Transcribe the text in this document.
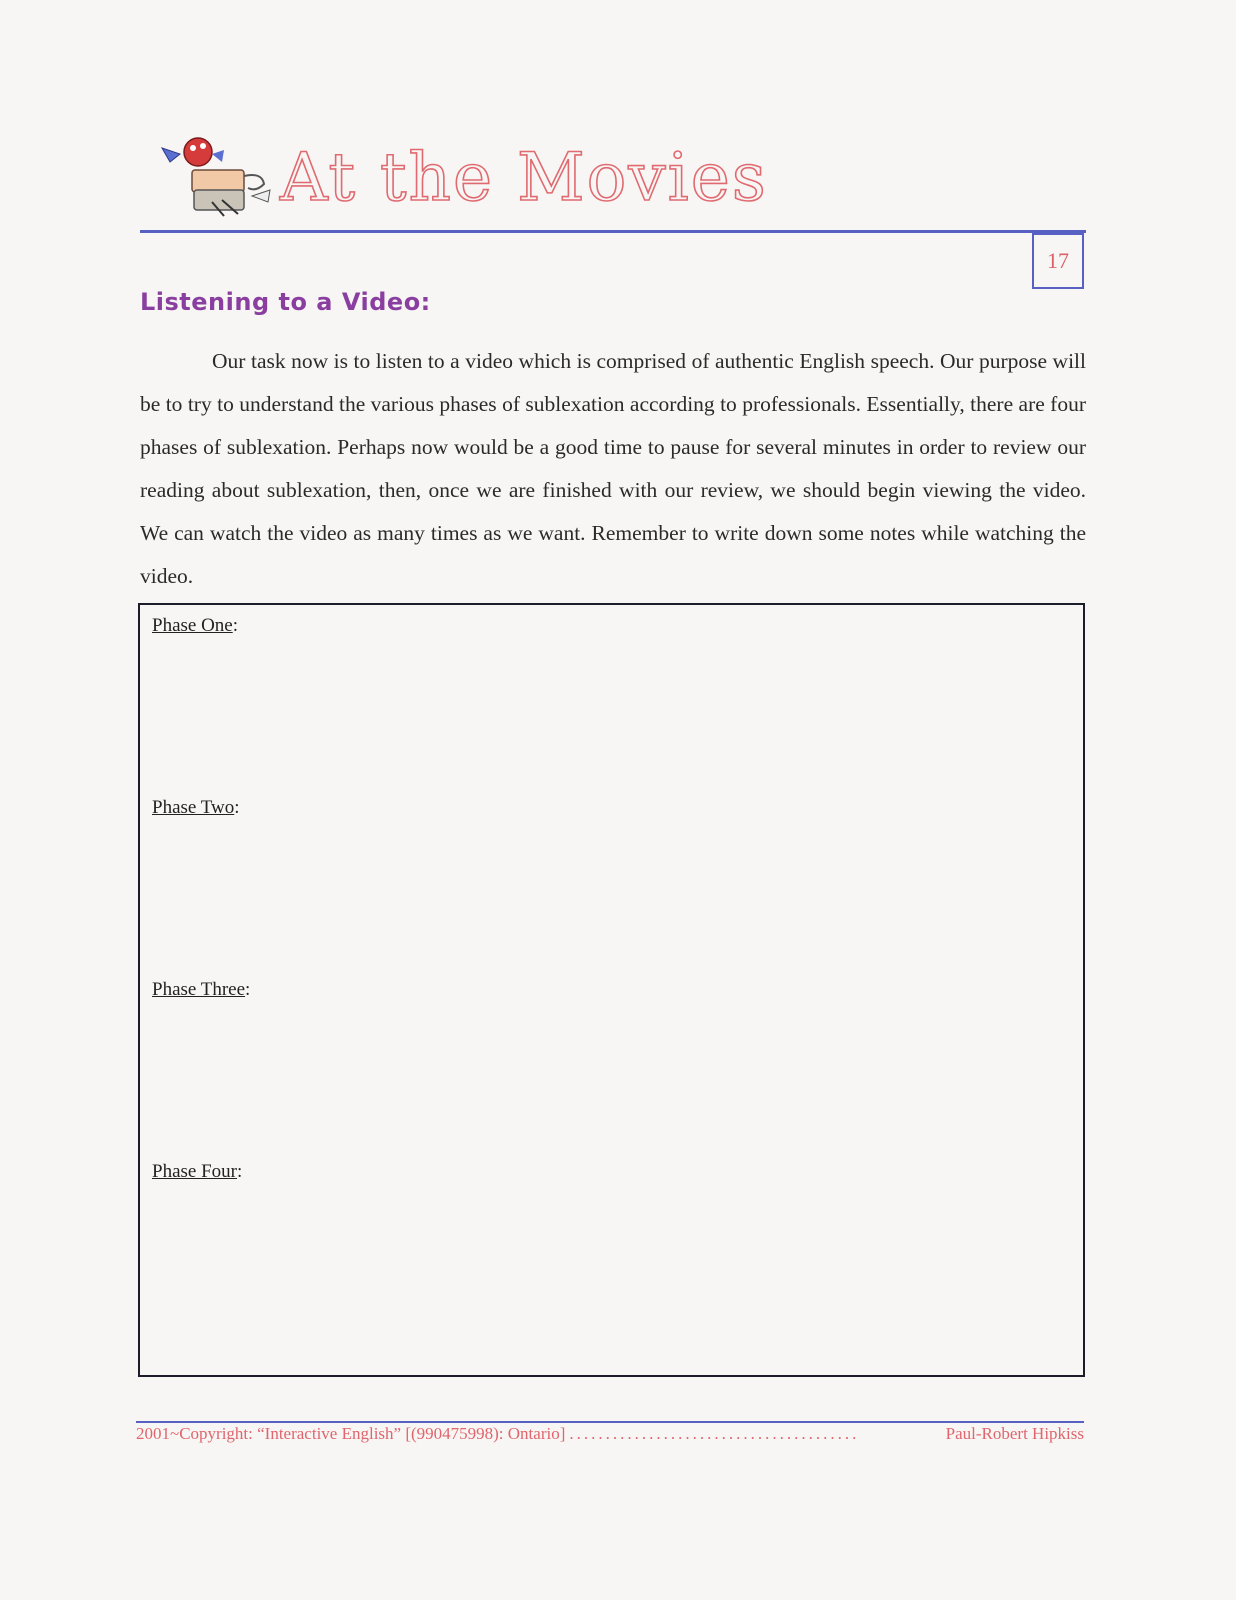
At the Movies
17
Listening to a Video:

Our task now is to listen to a video which is comprised of authentic English speech. Our purpose will be to try to understand the various phases of sublexation according to professionals. Essentially, there are four phases of sublexation. Perhaps now would be a good time to pause for several minutes in order to review our reading about sublexation, then, once we are finished with our review, we should begin viewing the video. We can watch the video as many times as we want. Remember to write down some notes while watching the video.

Phase One:
Phase Two:
Phase Three:
Phase Four:
2001~Copyright: “Interactive English” [(990475998): Ontario] ........................................	Paul-Robert Hipkiss
